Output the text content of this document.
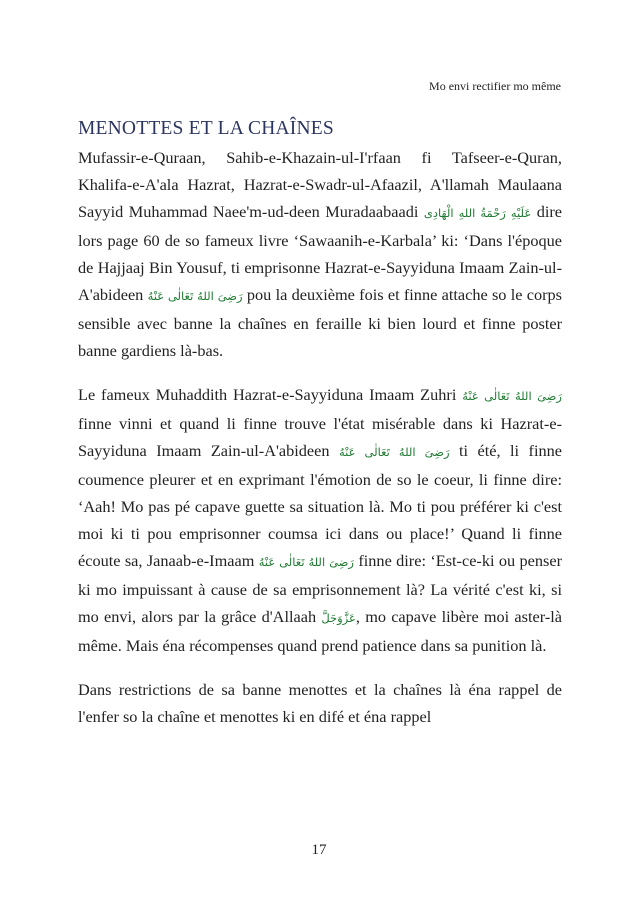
Mo envi rectifier mo même
MENOTTES ET LA CHAÎNES

Mufassir-e-Quraan, Sahib-e-Khazain-ul-I'rfaan fi Tafseer-e-Quran, Khalifa-e-A'ala Hazrat, Hazrat-e-Swadr-ul-Afaazil, A'llamah Maulaana Sayyid Muhammad Naee'm-ud-deen Muradaabaadi عَلَیْهِ رَحْمَةُ اللهِ الْهَادِی dire lors page 60 de so fameux livre ‘Sawaanih-e-Karbala’ ki: ‘Dans l'époque de Hajjaaj Bin Yousuf, ti emprisonne Hazrat-e-Sayyiduna Imaam Zain-ul-A'abideen رَضِیَ اللهُ تَعَالٰی عَنْهُ pou la deuxième fois et finne attache so le corps sensible avec banne la chaînes en feraille ki bien lourd et finne poster banne gardiens là-bas.

Le fameux Muhaddith Hazrat-e-Sayyiduna Imaam Zuhri رَضِیَ اللهُ تَعَالٰی عَنْهُ finne vinni et quand li finne trouve l'état misérable dans ki Hazrat-e-Sayyiduna Imaam Zain-ul-A'abideen رَضِیَ اللهُ تَعَالٰی عَنْهُ ti été, li finne coumence pleurer et en exprimant l'émotion de so le coeur, li finne dire: ‘Aah! Mo pas pé capave guette sa situation là. Mo ti pou préférer ki c'est moi ki ti pou emprisonner coumsa ici dans ou place!’ Quand li finne écoute sa, Janaab-e-Imaam رَضِیَ اللهُ تَعَالٰی عَنْهُ finne dire: ‘Est-ce-ki ou penser ki mo impuissant à cause de sa emprisonnement là? La vérité c'est ki, si mo envi, alors par la grâce d'Allaah عَزَّوَجَلَّ, mo capave libère moi aster-là même. Mais éna récompenses quand prend patience dans sa punition là.

Dans restrictions de sa banne menottes et la chaînes là éna rappel de l'enfer so la chaîne et menottes ki en difé et éna rappel

17
